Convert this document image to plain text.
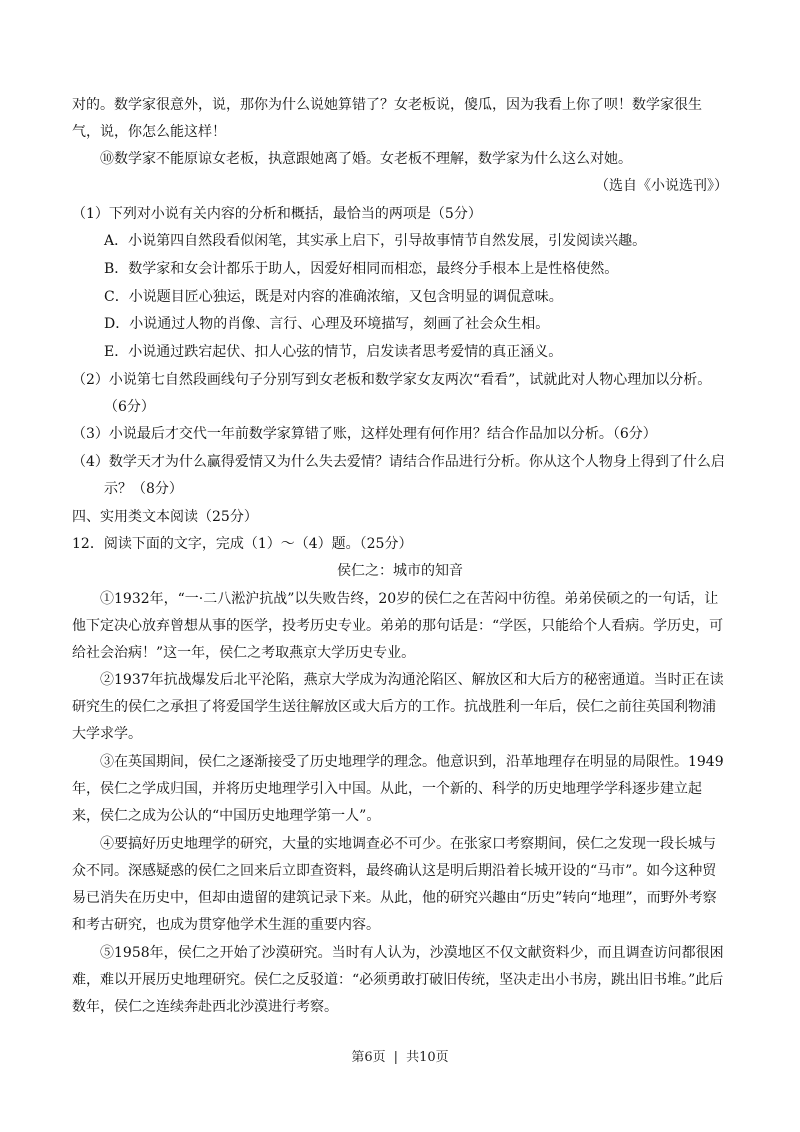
对的。数学家很意外，说，那你为什么说她算错了？女老板说，傻瓜，因为我看上你了呗！数学家很生气，说，你怎么能这样！

⑩数学家不能原谅女老板，执意跟她离了婚。女老板不理解，数学家为什么这么对她。

（选自《小说选刊》）

（1）下列对小说有关内容的分析和概括，最恰当的两项是（5分）

A．小说第四自然段看似闲笔，其实承上启下，引导故事情节自然发展，引发阅读兴趣。

B．数学家和女会计都乐于助人，因爱好相同而相恋，最终分手根本上是性格使然。

C．小说题目匠心独运，既是对内容的准确浓缩，又包含明显的调侃意味。

D．小说通过人物的肖像、言行、心理及环境描写，刻画了社会众生相。

E．小说通过跌宕起伏、扣人心弦的情节，启发读者思考爱情的真正涵义。

（2）小说第七自然段画线句子分别写到女老板和数学家女友两次“看看”，试就此对人物心理加以分析。

（6分）

（3）小说最后才交代一年前数学家算错了账，这样处理有何作用？结合作品加以分析。（6分）

（4）数学天才为什么赢得爱情又为什么失去爱情？请结合作品进行分析。你从这个人物身上得到了什么启

示？（8分）

四、实用类文本阅读（25分）

12．阅读下面的文字，完成（1）～（4）题。（25分）

侯仁之：城市的知音

①1932年，“一·二八淞沪抗战”以失败告终，20岁的侯仁之在苦闷中彷徨。弟弟侯硕之的一句话，让他下定决心放弃曾想从事的医学，投考历史专业。弟弟的那句话是：“学医，只能给个人看病。学历史，可给社会治病！”这一年，侯仁之考取燕京大学历史专业。

②1937年抗战爆发后北平沦陷，燕京大学成为沟通沦陷区、解放区和大后方的秘密通道。当时正在读研究生的侯仁之承担了将爱国学生送往解放区或大后方的工作。抗战胜利一年后，侯仁之前往英国利物浦大学求学。

③在英国期间，侯仁之逐渐接受了历史地理学的理念。他意识到，沿革地理存在明显的局限性。1949年，侯仁之学成归国，并将历史地理学引入中国。从此，一个新的、科学的历史地理学学科逐步建立起来，侯仁之成为公认的“中国历史地理学第一人”。

④要搞好历史地理学的研究，大量的实地调查必不可少。在张家口考察期间，侯仁之发现一段长城与众不同。深感疑惑的侯仁之回来后立即查资料，最终确认这是明后期沿着长城开设的“马市”。如今这种贸易已消失在历史中，但却由遗留的建筑记录下来。从此，他的研究兴趣由“历史”转向“地理”，而野外考察和考古研究，也成为贯穿他学术生涯的重要内容。

⑤1958年，侯仁之开始了沙漠研究。当时有人认为，沙漠地区不仅文献资料少，而且调查访问都很困难，难以开展历史地理研究。侯仁之反驳道：“必须勇敢打破旧传统，坚决走出小书房，跳出旧书堆。”此后数年，侯仁之连续奔赴西北沙漠进行考察。

第6页 | 共10页
